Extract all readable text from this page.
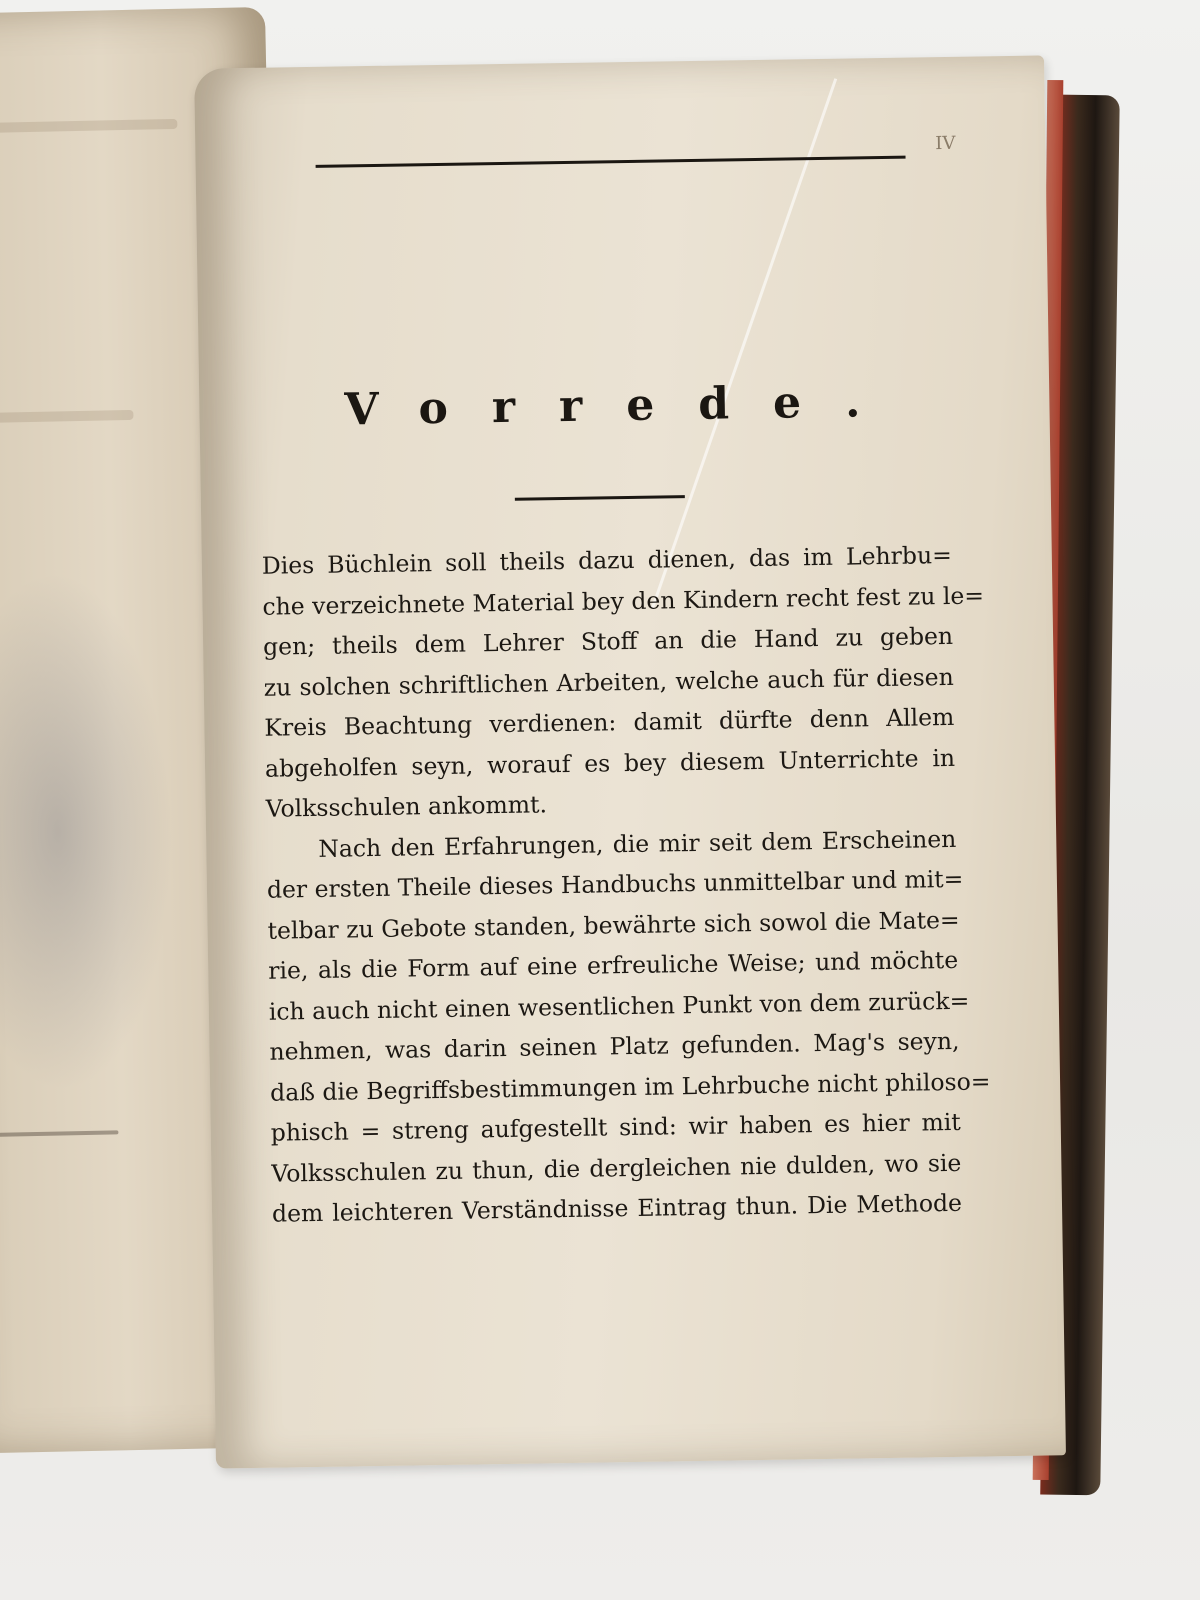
IV
Vorrede.
Dies Büchlein soll theils dazu dienen, das im Lehrbu=
che verzeichnete Material bey den Kindern recht fest zu le=
gen; theils dem Lehrer Stoff an die Hand zu geben
zu solchen schriftlichen Arbeiten, welche auch für diesen
Kreis Beachtung verdienen: damit dürfte denn Allem
abgeholfen seyn, worauf es bey diesem Unterrichte in
Volksschulen ankommt.
Nach den Erfahrungen, die mir seit dem Erscheinen
der ersten Theile dieses Handbuchs unmittelbar und mit=
telbar zu Gebote standen, bewährte sich sowol die Mate=
rie, als die Form auf eine erfreuliche Weise; und möchte
ich auch nicht einen wesentlichen Punkt von dem zurück=
nehmen, was darin seinen Platz gefunden. Mag's seyn,
daß die Begriffsbestimmungen im Lehrbuche nicht philoso=
phisch = streng aufgestellt sind: wir haben es hier mit
Volksschulen zu thun, die dergleichen nie dulden, wo sie
dem leichteren Verständnisse Eintrag thun. Die Methode
